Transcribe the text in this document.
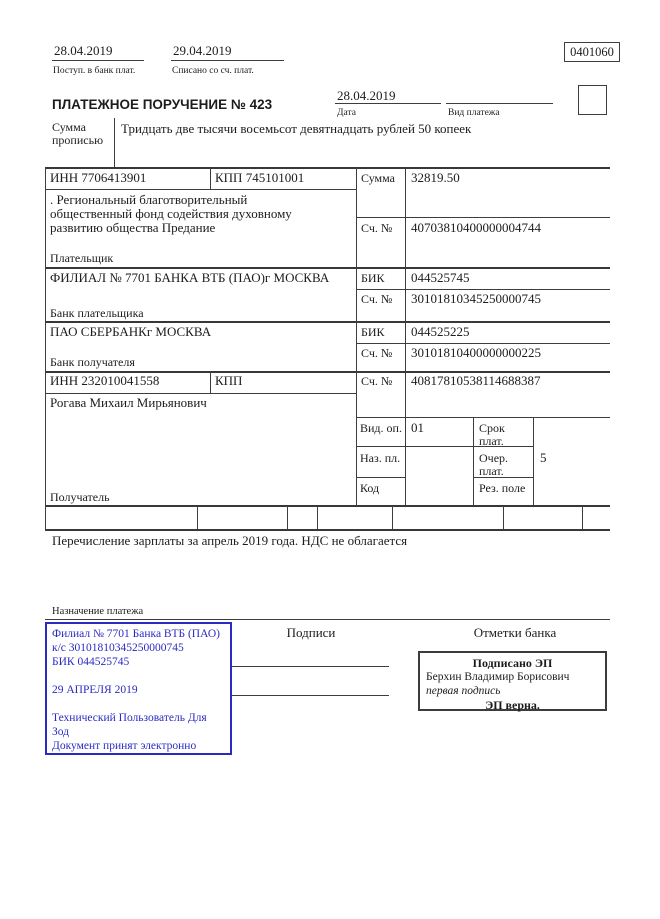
28.04.2019
Поступ. в банк плат.
29.04.2019
Списано со сч. плат.
0401060
ПЛАТЕЖНОЕ ПОРУЧЕНИЕ № 423
28.04.2019
Дата	Вид платежа
Сумма прописью
Тридцать две тысячи восемьсот девятнадцать рублей 50 копеек
ИНН 7706413901	КПП 745101001	Сумма 32819.50
. Региональный благотворительный
общественный фонд содействия духовному
развитию общества Предание	Сч. № 40703810400000004744
Плательщик
ФИЛИАЛ № 7701 БАНКА ВТБ (ПАО)г МОСКВА	БИК 044525745
Сч. № 30101810345250000745
Банк плательщика
ПАО СБЕРБАНКг МОСКВА	БИК 044525225
Сч. № 30101810400000000225
Банк получателя
ИНН 232010041558	КПП	Сч. № 40817810538114688387
Рогава Михаил Мирьянович
Вид. оп. 01	Срок плат.
Наз. пл.	Очер. плат.
5
Код	Рез. поле
Получатель
Перечисление зарплаты за апрель 2019 года. НДС не облагается
Назначение платежа
Филиал № 7701 Банка ВТБ (ПАО)
к/с 30101810345250000745
БИК 044525745
29 АПРЕЛЯ 2019
Технический Пользователь Для
Зод
Документ принят электронно
Подписи	Отметки банка
Подписано ЭП
Берхин Владимир Борисович
первая подпись
ЭП верна.
